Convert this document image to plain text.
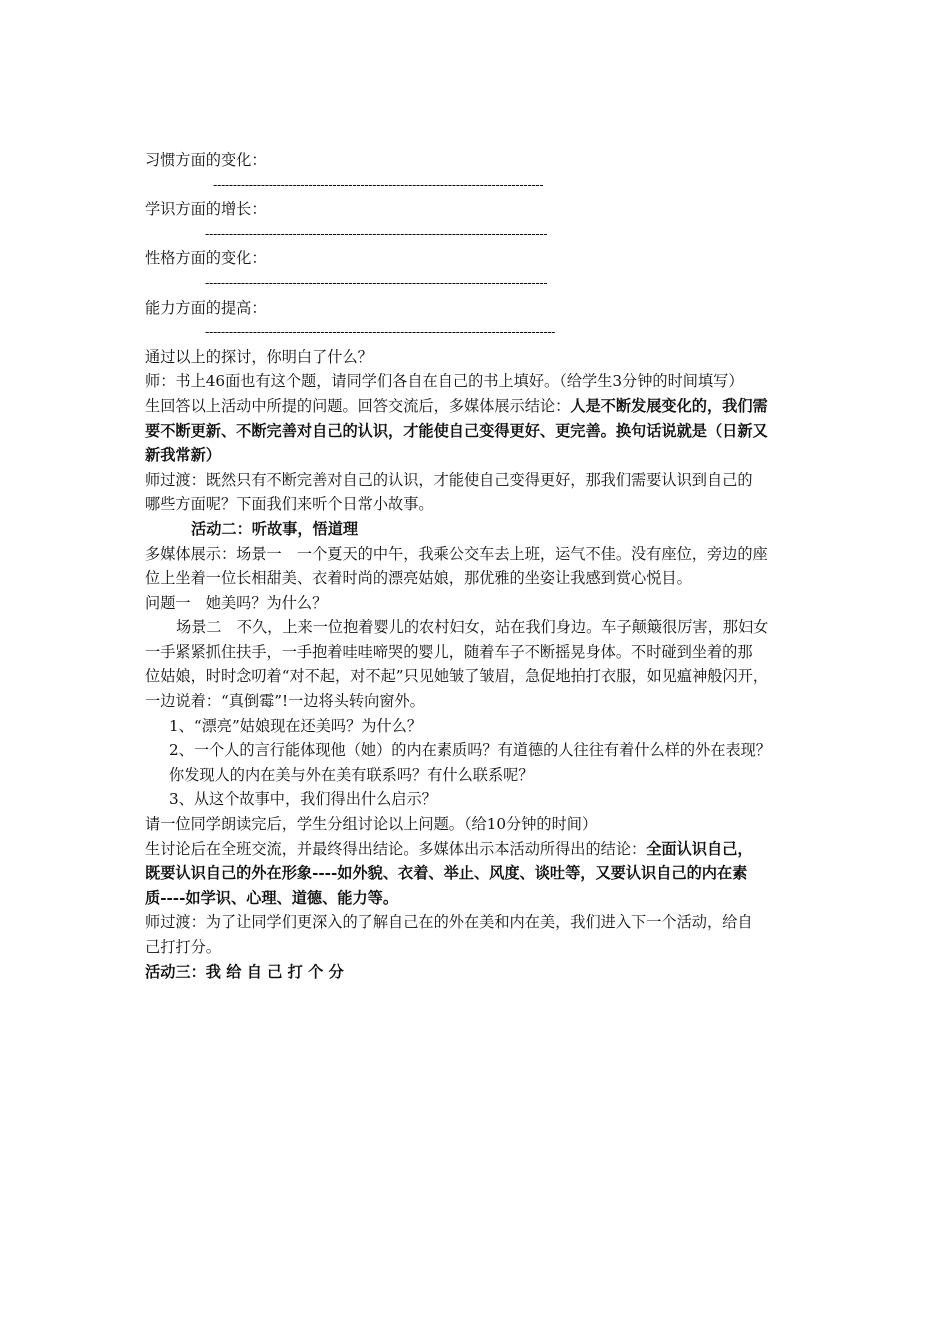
习惯方面的变化：
-----------------------------------------------------------------------------------
学识方面的增长：
--------------------------------------------------------------------------------------
性格方面的变化：
--------------------------------------------------------------------------------------
能力方面的提高：
----------------------------------------------------------------------------------------
通过以上的探讨，你明白了什么？
师：书上46面也有这个题，请同学们各自在自己的书上填好。（给学生3分钟的时间填写）
生回答以上活动中所提的问题。回答交流后，多媒体展示结论：人是不断发展变化的，我们需
要不断更新、不断完善对自己的认识，才能使自己变得更好、更完善。换句话说就是（日新又
新我常新）
师过渡：既然只有不断完善对自己的认识，才能使自己变得更好，那我们需要认识到自己的
哪些方面呢？下面我们来听个日常小故事。
活动二：听故事，悟道理
多媒体展示：场景一　一个夏天的中午，我乘公交车去上班，运气不佳。没有座位，旁边的座
位上坐着一位长相甜美、衣着时尚的漂亮姑娘，那优雅的坐姿让我感到赏心悦目。
问题一　她美吗？为什么？
场景二　不久，上来一位抱着婴儿的农村妇女，站在我们身边。车子颠簸很厉害，那妇女
一手紧紧抓住扶手，一手抱着哇哇啼哭的婴儿，随着车子不断摇晃身体。不时碰到坐着的那
位姑娘，时时念叨着“对不起，对不起”只见她皱了皱眉，急促地拍打衣服，如见瘟神般闪开，
一边说着：“真倒霉”!一边将头转向窗外。
1、“漂亮”姑娘现在还美吗？为什么？
2、一个人的言行能体现他（她）的内在素质吗？有道德的人往往有着什么样的外在表现？
你发现人的内在美与外在美有联系吗？有什么联系呢？
3、从这个故事中，我们得出什么启示？
请一位同学朗读完后，学生分组讨论以上问题。（给10分钟的时间）
生讨论后在全班交流，并最终得出结论。多媒体出示本活动所得出的结论：全面认识自己，
既要认识自己的外在形象----如外貌、衣着、举止、风度、谈吐等，又要认识自己的内在素
质----如学识、心理、道德、能力等。
师过渡：为了让同学们更深入的了解自己在的外在美和内在美，我们进入下一个活动，给自
己打打分。
活动三：我 给 自 己 打 个 分
